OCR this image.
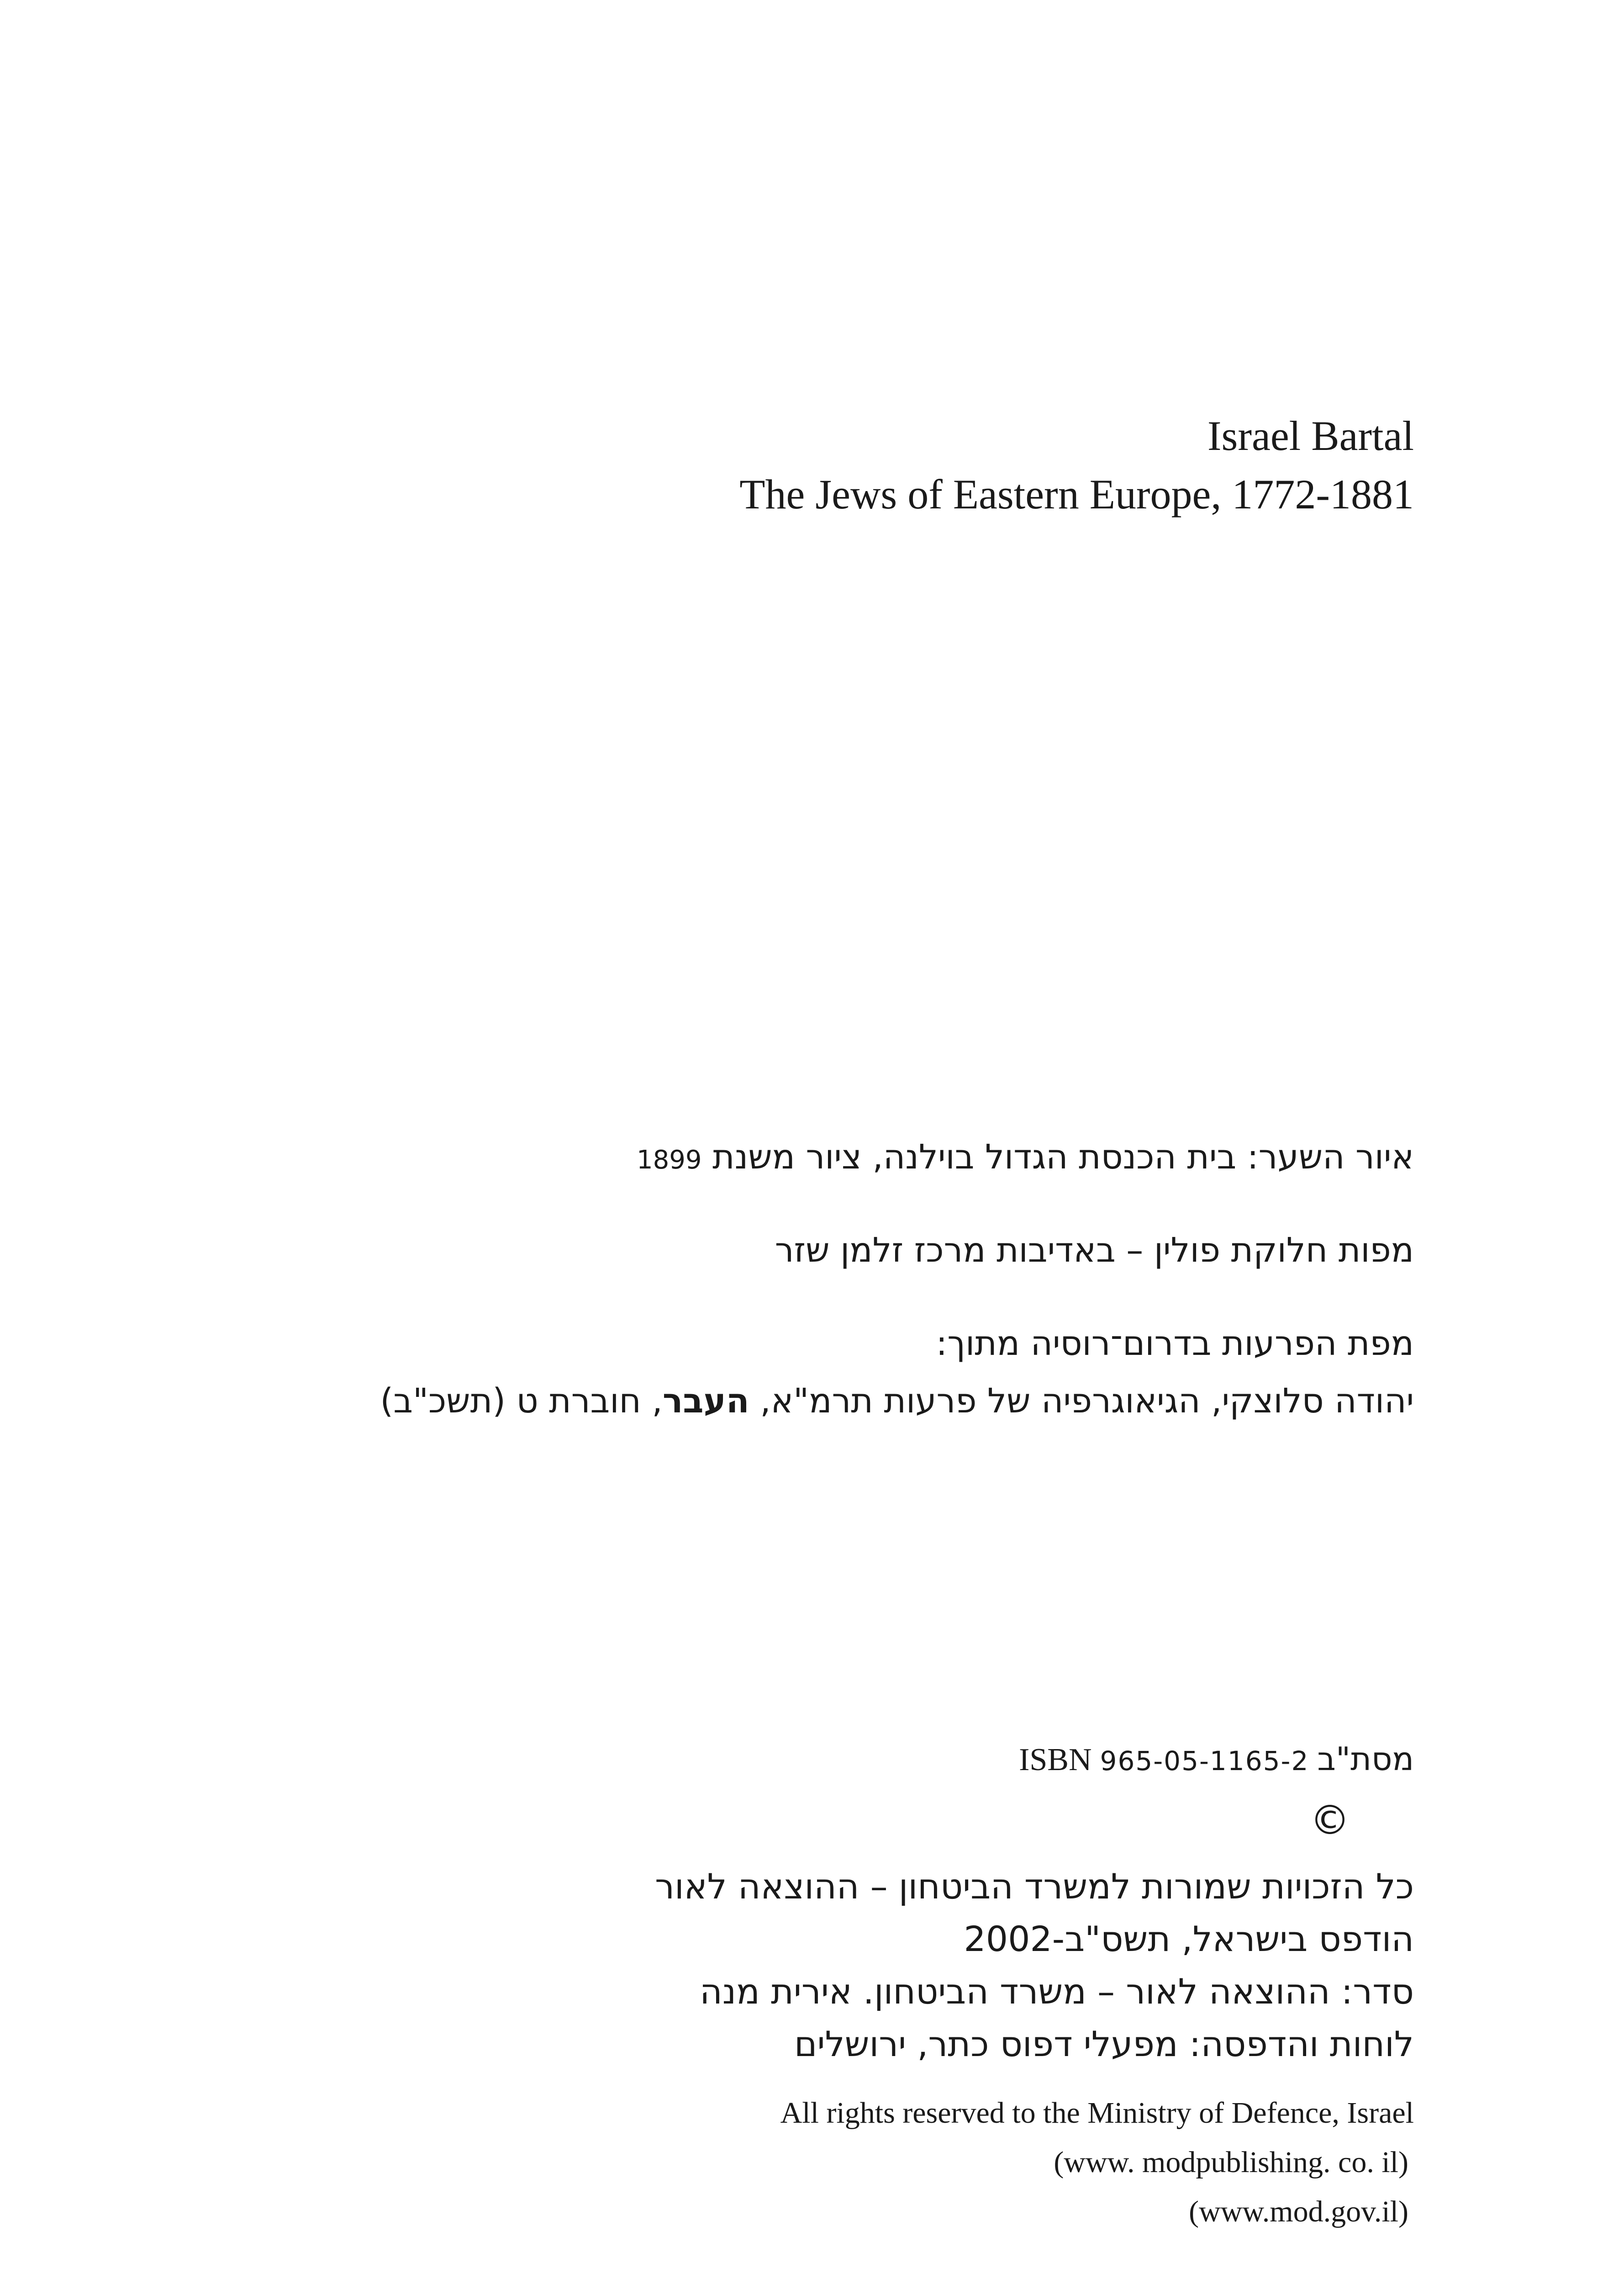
Israel Bartal
The Jews of Eastern Europe, 1772-1881
איור השער: בית הכנסת הגדול בוילנה, ציור משנת 1899
מפות חלוקת פולין – באדיבות מרכז זלמן שזר
מפת הפרעות בדרום־רוסיה מתוך:
יהודה סלוצקי, הגיאוגרפיה של פרעות תרמ"א, העבר, חוברת ט (תשכ"ב)
ISBN 965-05-1165-2 מסת"ב
©
כל הזכויות שמורות למשרד הביטחון – ההוצאה לאור
הודפס בישראל, תשס"ב-2002
סדר: ההוצאה לאור – משרד הביטחון. אירית מנה
לוחות והדפסה: מפעלי דפוס כתר, ירושלים
All rights reserved to the Ministry of Defence, Israel
(www. modpublishing. co. il)
(www.mod.gov.il)
